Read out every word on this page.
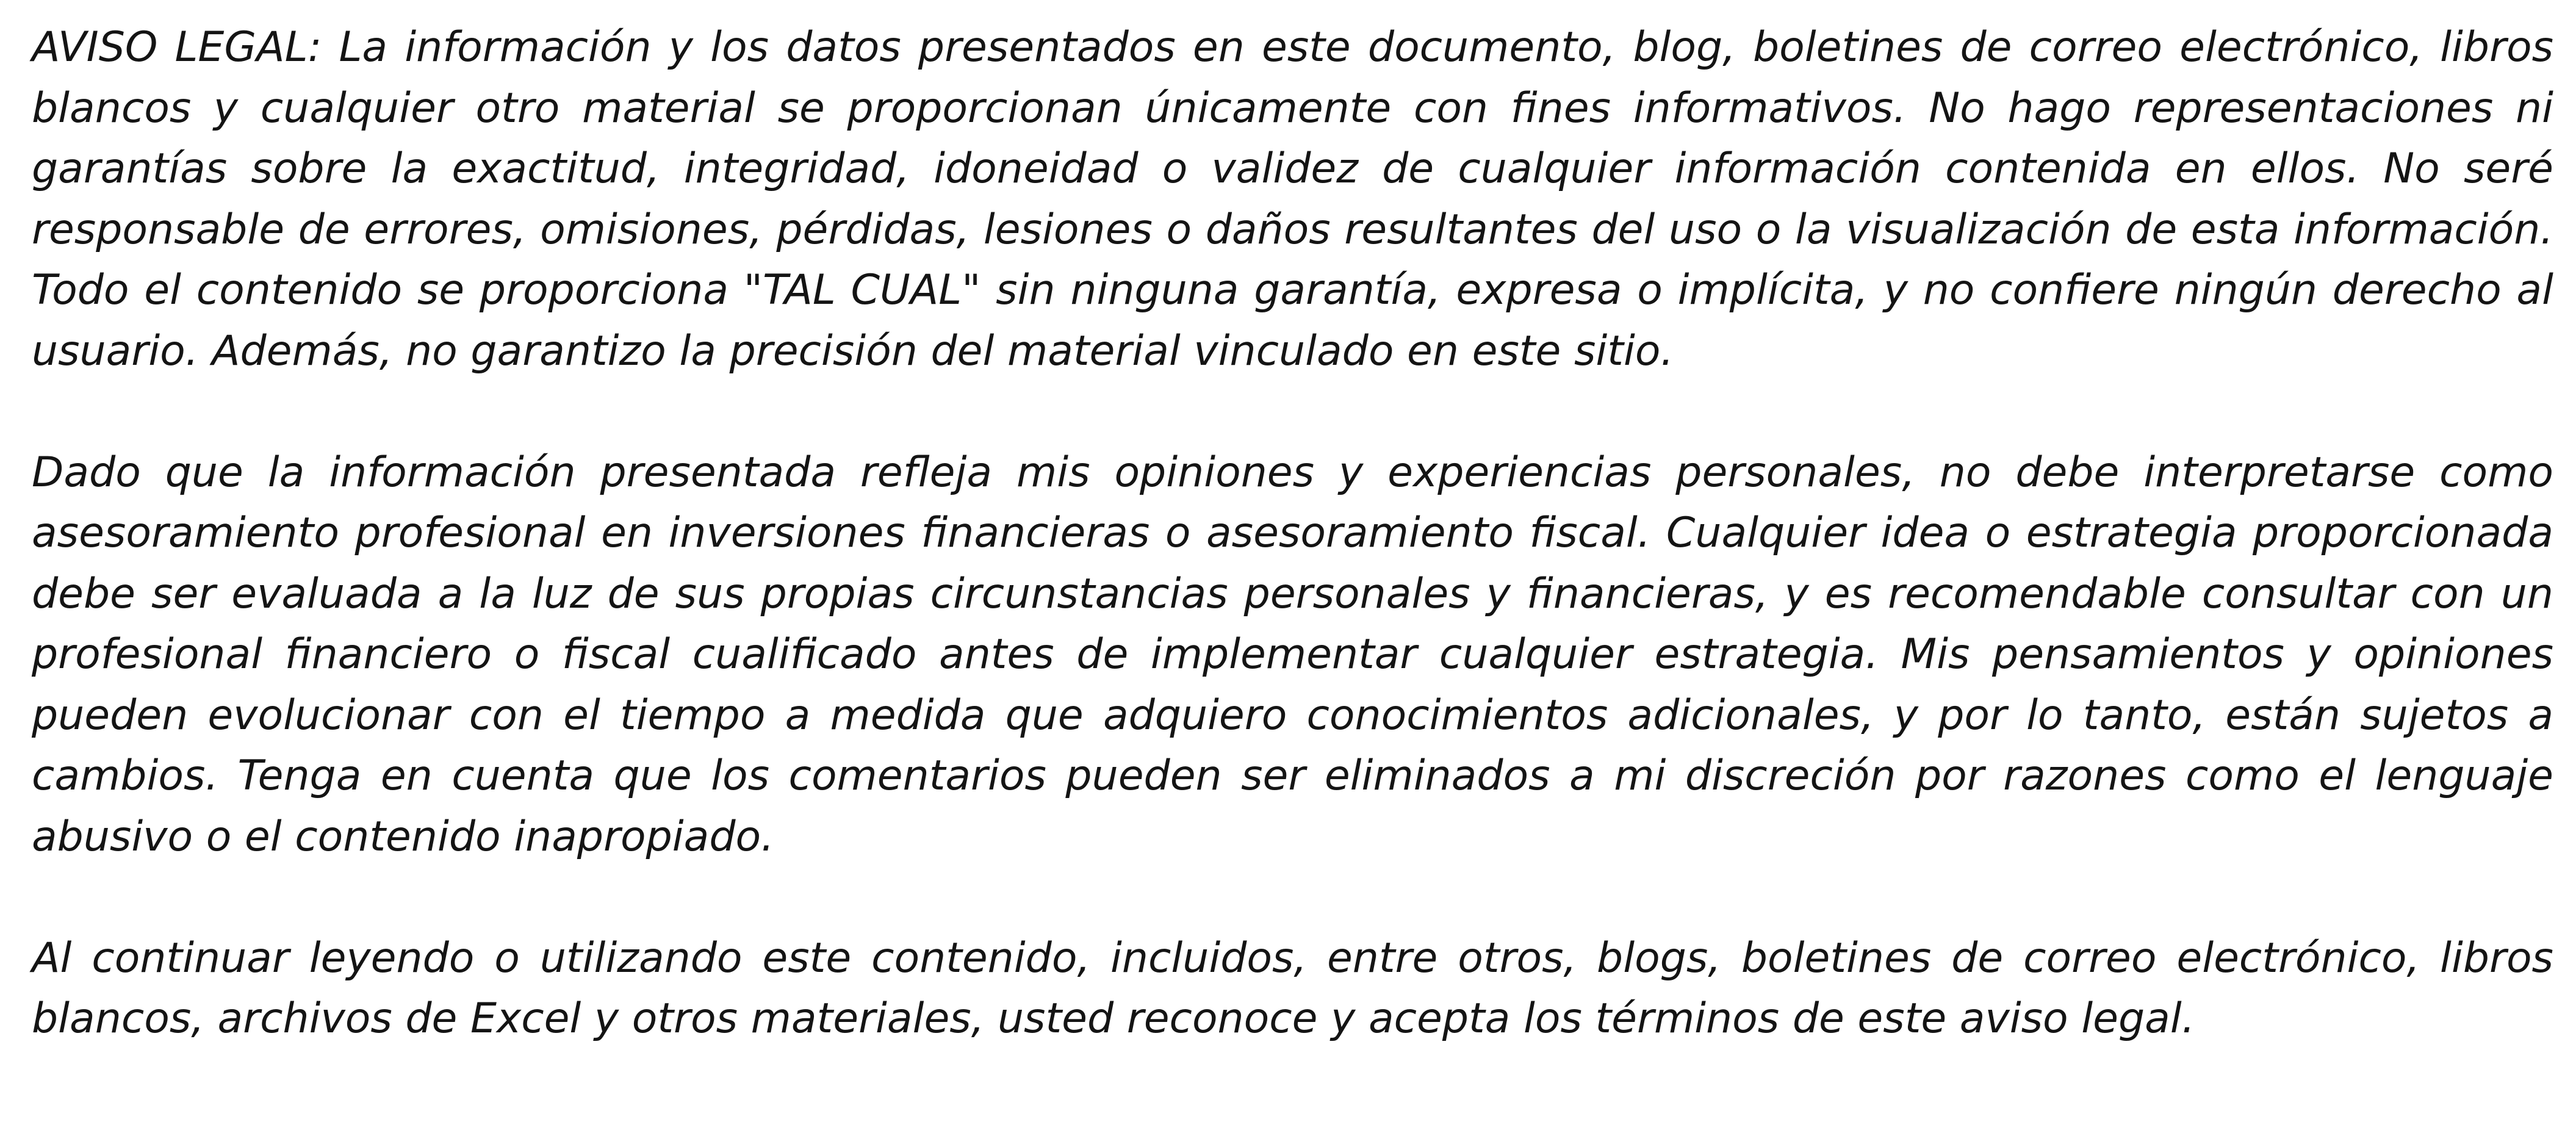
AVISO LEGAL: La información y los datos presentados en este documento, blog, boletines de correo electrónico, libros blancos y cualquier otro material se proporcionan únicamente con fines informativos. No hago representaciones ni garantías sobre la exactitud, integridad, idoneidad o validez de cualquier información contenida en ellos. No seré responsable de errores, omisiones, pérdidas, lesiones o daños resultantes del uso o la visualización de esta información. Todo el contenido se proporciona "TAL CUAL" sin ninguna garantía, expresa o implícita, y no confiere ningún derecho al usuario. Además, no garantizo la precisión del material vinculado en este sitio.

Dado que la información presentada refleja mis opiniones y experiencias personales, no debe interpretarse como asesoramiento profesional en inversiones financieras o asesoramiento fiscal. Cualquier idea o estrategia proporcionada debe ser evaluada a la luz de sus propias circunstancias personales y financieras, y es recomendable consultar con un profesional financiero o fiscal cualificado antes de implementar cualquier estrategia. Mis pensamientos y opiniones pueden evolucionar con el tiempo a medida que adquiero conocimientos adicionales, y por lo tanto, están sujetos a cambios. Tenga en cuenta que los comentarios pueden ser eliminados a mi discreción por razones como el lenguaje abusivo o el contenido inapropiado.

Al continuar leyendo o utilizando este contenido, incluidos, entre otros, blogs, boletines de correo electrónico, libros blancos, archivos de Excel y otros materiales, usted reconoce y acepta los términos de este aviso legal.
